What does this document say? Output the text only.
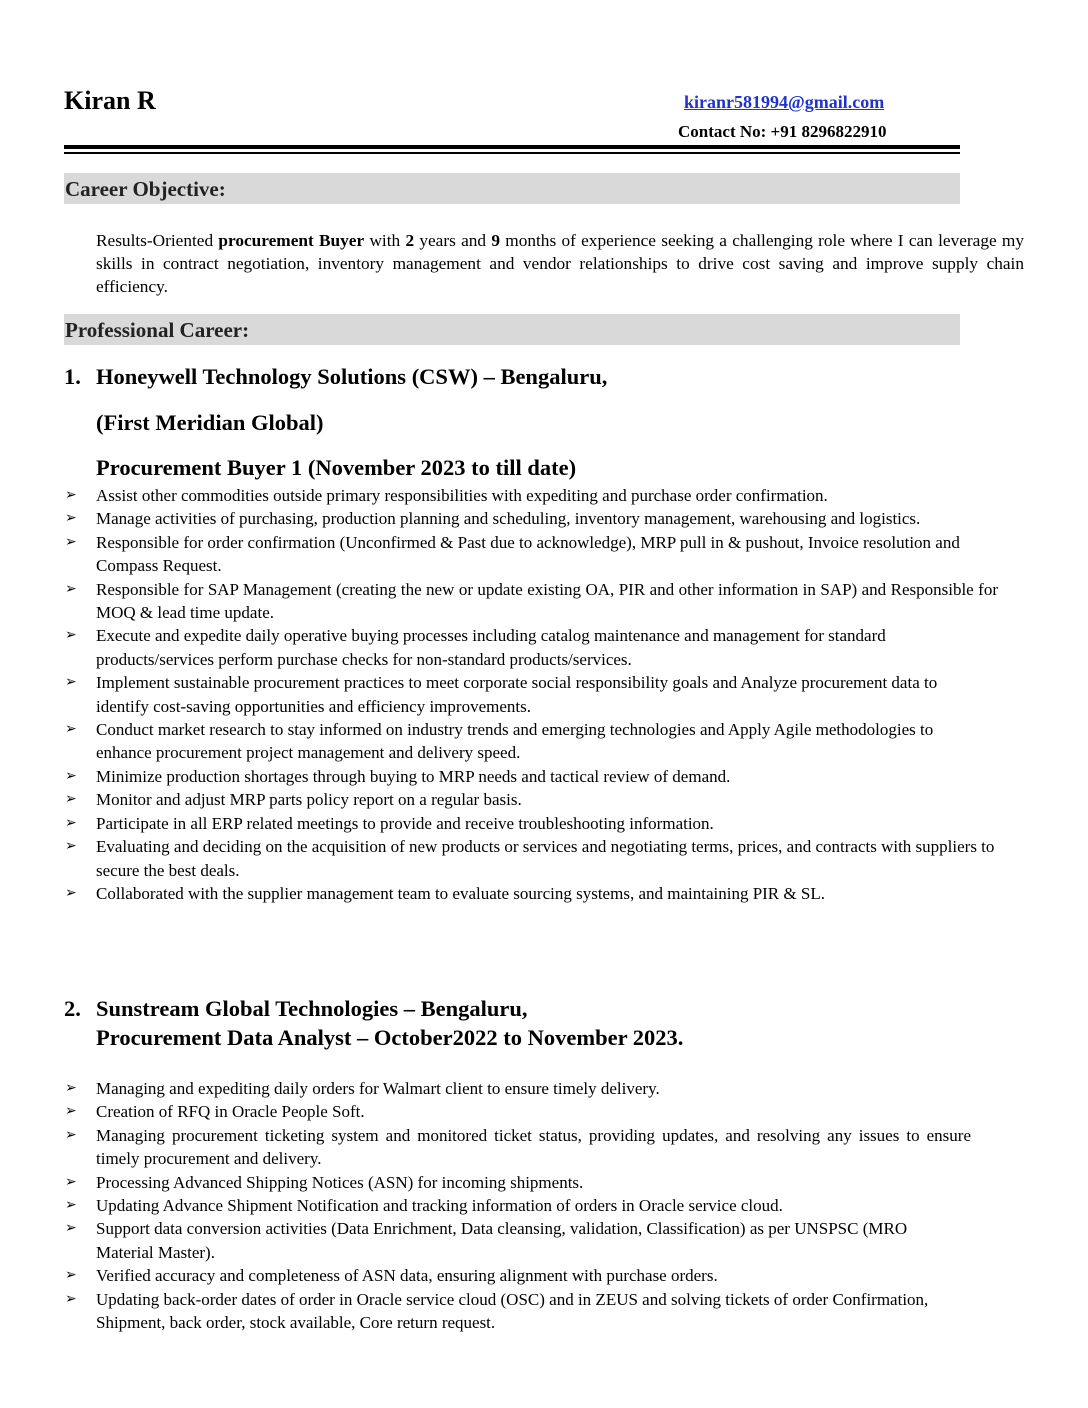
Kiran R	kiranr581994@gmail.com
Contact No: +91 8296822910
Career Objective:
Results-Oriented procurement Buyer with 2 years and 9 months of experience seeking a challenging role where I can leverage my skills in contract negotiation, inventory management and vendor relationships to drive cost saving and improve supply chain efficiency.
Professional Career:
1. Honeywell Technology Solutions (CSW) – Bengaluru,
(First Meridian Global)
Procurement Buyer 1 (November 2023 to till date)
➢ Assist other commodities outside primary responsibilities with expediting and purchase order confirmation.
➢ Manage activities of purchasing, production planning and scheduling, inventory management, warehousing and logistics.
➢ Responsible for order confirmation (Unconfirmed & Past due to acknowledge), MRP pull in & pushout, Invoice resolution and Compass Request.
➢ Responsible for SAP Management (creating the new or update existing OA, PIR and other information in SAP) and Responsible for MOQ & lead time update.
➢ Execute and expedite daily operative buying processes including catalog maintenance and management for standard products/services perform purchase checks for non-standard products/services.
➢ Implement sustainable procurement practices to meet corporate social responsibility goals and Analyze procurement data to identify cost-saving opportunities and efficiency improvements.
➢ Conduct market research to stay informed on industry trends and emerging technologies and Apply Agile methodologies to enhance procurement project management and delivery speed.
➢ Minimize production shortages through buying to MRP needs and tactical review of demand.
➢ Monitor and adjust MRP parts policy report on a regular basis.
➢ Participate in all ERP related meetings to provide and receive troubleshooting information.
➢ Evaluating and deciding on the acquisition of new products or services and negotiating terms, prices, and contracts with suppliers to secure the best deals.
➢ Collaborated with the supplier management team to evaluate sourcing systems, and maintaining PIR & SL.
2. Sunstream Global Technologies – Bengaluru,
Procurement Data Analyst – October2022 to November 2023.
➢ Managing and expediting daily orders for Walmart client to ensure timely delivery.
➢ Creation of RFQ in Oracle People Soft.
➢ Managing procurement ticketing system and monitored ticket status, providing updates, and resolving any issues to ensure timely procurement and delivery.
➢ Processing Advanced Shipping Notices (ASN) for incoming shipments.
➢ Updating Advance Shipment Notification and tracking information of orders in Oracle service cloud.
➢ Support data conversion activities (Data Enrichment, Data cleansing, validation, Classification) as per UNSPSC (MRO Material Master).
➢ Verified accuracy and completeness of ASN data, ensuring alignment with purchase orders.
➢ Updating back-order dates of order in Oracle service cloud (OSC) and in ZEUS and solving tickets of order Confirmation, Shipment, back order, stock available, Core return request.
